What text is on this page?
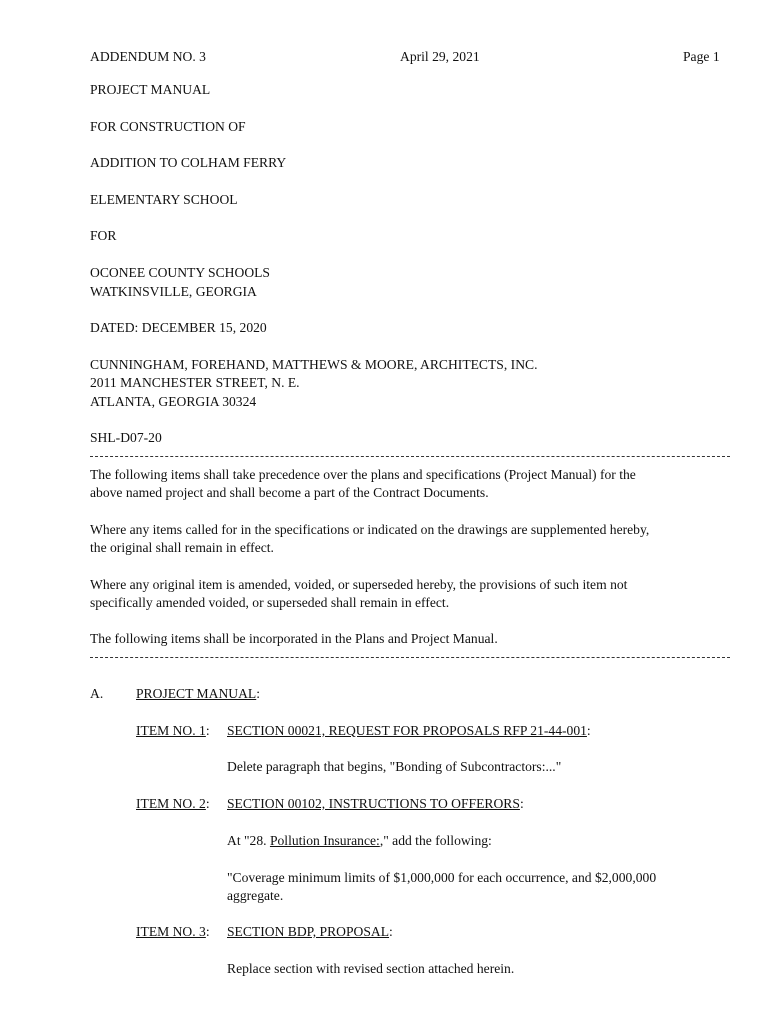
ADDENDUM NO. 3	April 29, 2021	Page 1
PROJECT MANUAL
FOR CONSTRUCTION OF
ADDITION TO COLHAM FERRY
ELEMENTARY SCHOOL
FOR
OCONEE COUNTY SCHOOLS
WATKINSVILLE, GEORGIA
DATED: DECEMBER 15, 2020
CUNNINGHAM, FOREHAND, MATTHEWS & MOORE, ARCHITECTS, INC.
2011 MANCHESTER STREET, N. E.
ATLANTA, GEORGIA 30324
SHL-D07-20
The following items shall take precedence over the plans and specifications (Project Manual) for the
above named project and shall become a part of the Contract Documents.
Where any items called for in the specifications or indicated on the drawings are supplemented hereby,
the original shall remain in effect.
Where any original item is amended, voided, or superseded hereby, the provisions of such item not
specifically amended voided, or superseded shall remain in effect.
The following items shall be incorporated in the Plans and Project Manual.
A. PROJECT MANUAL:
ITEM NO. 1: SECTION 00021, REQUEST FOR PROPOSALS RFP 21-44-001:
Delete paragraph that begins, "Bonding of Subcontractors:..."
ITEM NO. 2: SECTION 00102, INSTRUCTIONS TO OFFERORS:
At "28. Pollution Insurance:," add the following:
"Coverage minimum limits of $1,000,000 for each occurrence, and $2,000,000
aggregate.
ITEM NO. 3: SECTION BDP, PROPOSAL:
Replace section with revised section attached herein.
